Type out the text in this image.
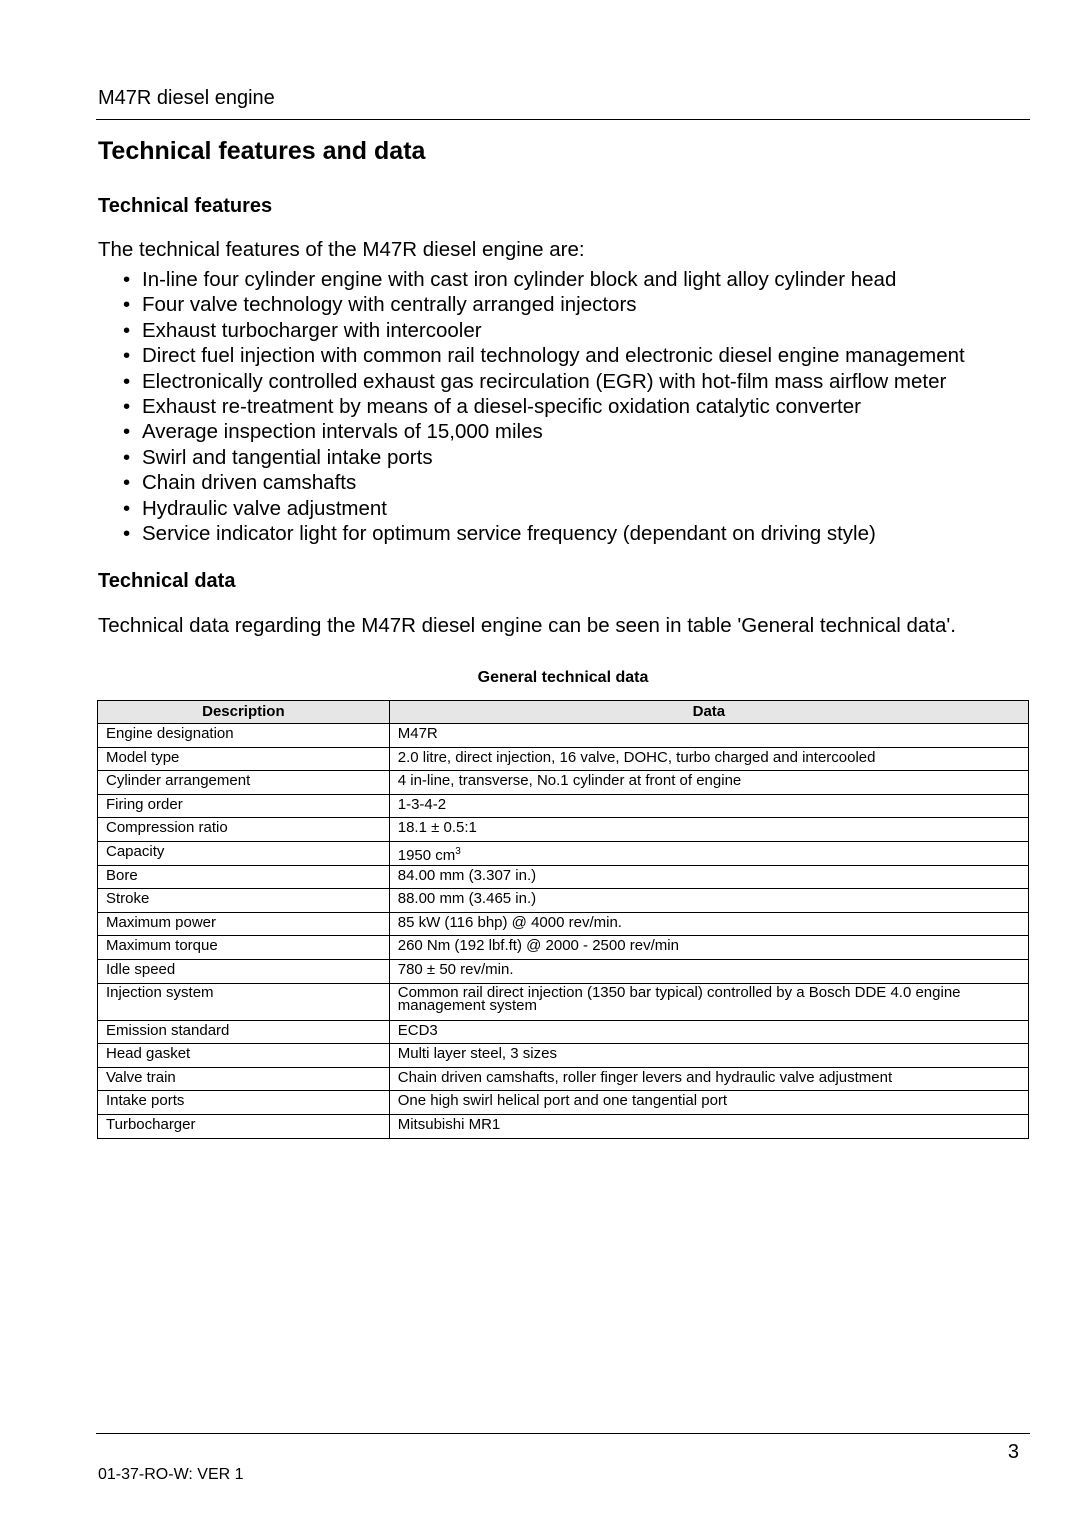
M47R diesel engine
Technical features and data
Technical features

The technical features of the M47R diesel engine are:

• In-line four cylinder engine with cast iron cylinder block and light alloy cylinder head
• Four valve technology with centrally arranged injectors
• Exhaust turbocharger with intercooler
• Direct fuel injection with common rail technology and electronic diesel engine management
• Electronically controlled exhaust gas recirculation (EGR) with hot-film mass airflow meter
• Exhaust re-treatment by means of a diesel-specific oxidation catalytic converter
• Average inspection intervals of 15,000 miles
• Swirl and tangential intake ports
• Chain driven camshafts
• Hydraulic valve adjustment
• Service indicator light for optimum service frequency (dependant on driving style)
Technical data

Technical data regarding the M47R diesel engine can be seen in table 'General technical data'.

General technical data
Description	Data
Engine designation	M47R
Model type	2.0 litre, direct injection, 16 valve, DOHC, turbo charged and intercooled
Cylinder arrangement	4 in-line, transverse, No.1 cylinder at front of engine
Firing order	1-3-4-2
Compression ratio	18.1 ± 0.5:1
Capacity	1950 $cm^3$
Bore	84.00 mm (3.307 in.)
Stroke	88.00 mm (3.465 in.)
Maximum power	85 kW (116 bhp) @ 4000 rev/min.
Maximum torque	260 Nm (192 lbf.ft) @ 2000 - 2500 rev/min
Idle speed	780 ± 50 rev/min.
Injection system	Common rail direct injection (1350 bar typical) controlled by a Bosch DDE 4.0 engine management system
Emission standard	ECD3
Head gasket	Multi layer steel, 3 sizes
Valve train	Chain driven camshafts, roller finger levers and hydraulic valve adjustment
Intake ports	One high swirl helical port and one tangential port
Turbocharger	Mitsubishi MR1
3
01-37-RO-W: VER 1
